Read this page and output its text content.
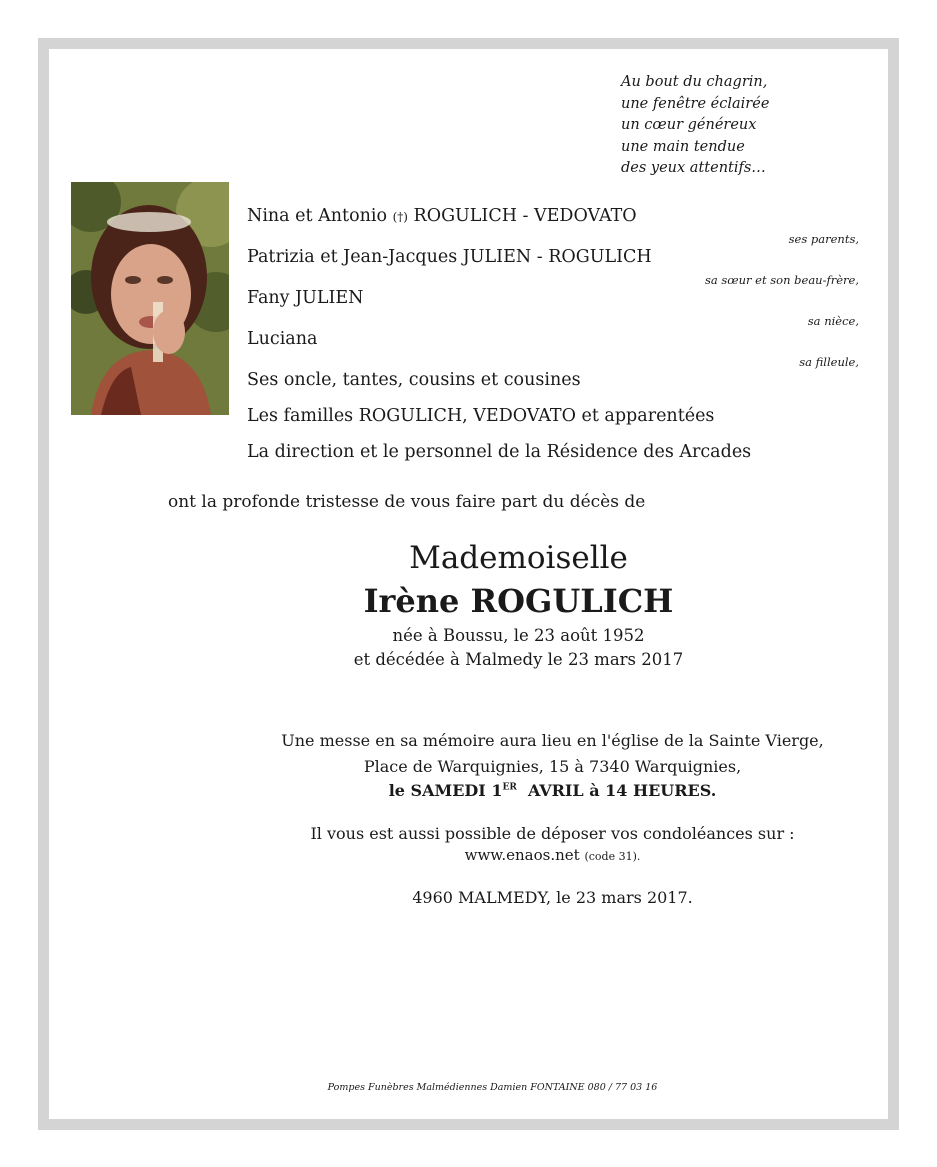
Au bout du chagrin,
une fenêtre éclairée
un cœur généreux
une main tendue
des yeux attentifs…
Nina et Antonio (†) ROGULICH - VEDOVATO
ses parents,
Patrizia et Jean-Jacques JULIEN - ROGULICH
sa sœur et son beau-frère,
Fany JULIEN
sa nièce,
Luciana
sa filleule,
Ses oncle, tantes, cousins et cousines
Les familles ROGULICH, VEDOVATO et apparentées
La direction et le personnel de la Résidence des Arcades
ont la profonde tristesse de vous faire part du décès de
Mademoiselle
Irène ROGULICH
née à Boussu, le 23 août 1952
et décédée à Malmedy le 23 mars 2017
Une messe en sa mémoire aura lieu en l'église de la Sainte Vierge,
Place de Warquignies, 15 à 7340 Warquignies,
le SAMEDI 1ER  AVRIL à 14 HEURES.
Il vous est aussi possible de déposer vos condoléances sur :
www.enaos.net (code 31).
4960 MALMEDY, le 23 mars 2017.
Pompes Funèbres Malmédiennes Damien FONTAINE 080 / 77 03 16
